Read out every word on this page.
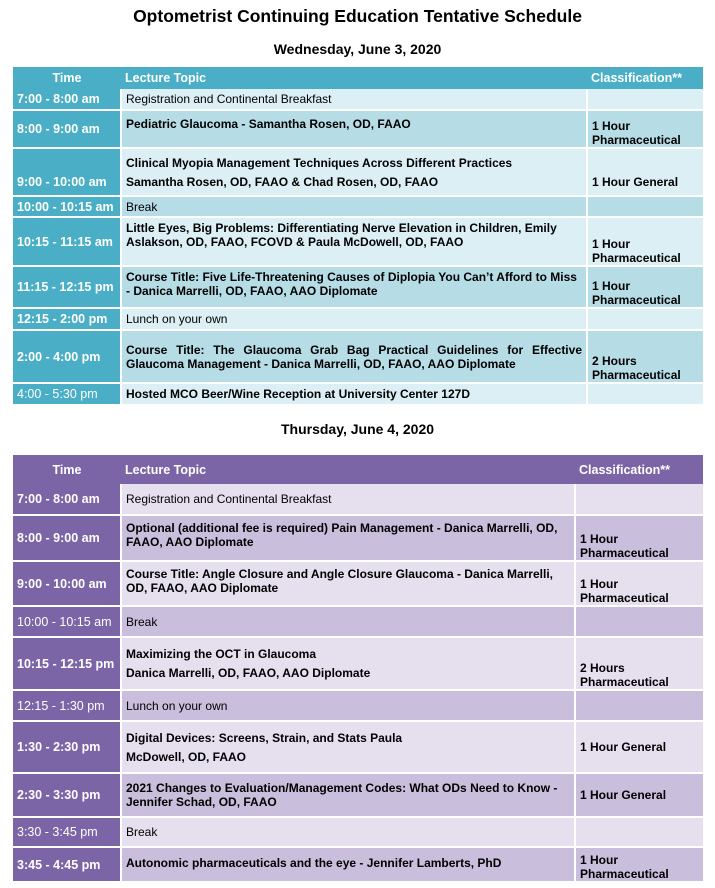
Optometrist Continuing Education Tentative Schedule
Wednesday, June 3, 2020
Time	Lecture Topic	Classification**
7:00 - 8:00 am	Registration and Continental Breakfast	
8:00 - 9:00 am	Pediatric Glaucoma - Samantha Rosen, OD, FAAO	1 Hour Pharmaceutical
9:00 - 10:00 am	Clinical Myopia Management Techniques Across Different Practices
Samantha Rosen, OD, FAAO & Chad Rosen, OD, FAAO	1 Hour General
10:00 - 10:15 am	Break	
10:15 - 11:15 am	Little Eyes, Big Problems: Differentiating Nerve Elevation in Children, Emily Aslakson, OD, FAAO, FCOVD & Paula McDowell, OD, FAAO	1 Hour Pharmaceutical
11:15 - 12:15 pm	Course Title: Five Life-Threatening Causes of Diplopia You Can’t Afford to Miss - Danica Marrelli, OD, FAAO, AAO Diplomate	1 Hour Pharmaceutical
12:15 - 2:00 pm	Lunch on your own	
2:00 - 4:00 pm	Course Title: The Glaucoma Grab Bag Practical Guidelines for Effective Glaucoma Management - Danica Marrelli, OD, FAAO, AAO Diplomate	2 Hours Pharmaceutical
4:00 - 5:30 pm	Hosted MCO Beer/Wine Reception at University Center 127D	
Thursday, June 4, 2020
Time	Lecture Topic	Classification**
7:00 - 8:00 am	Registration and Continental Breakfast	
8:00 - 9:00 am	Optional (additional fee is required) Pain Management - Danica Marrelli, OD, FAAO, AAO Diplomate	1 Hour Pharmaceutical
9:00 - 10:00 am	Course Title: Angle Closure and Angle Closure Glaucoma - Danica Marrelli, OD, FAAO, AAO Diplomate	1 Hour Pharmaceutical
10:00 - 10:15 am	Break	
10:15 - 12:15 pm	Maximizing the OCT in Glaucoma
Danica Marrelli, OD, FAAO, AAO Diplomate	2 Hours Pharmaceutical
12:15 - 1:30 pm	Lunch on your own	
1:30 - 2:30 pm	Digital Devices: Screens, Strain, and Stats Paula
McDowell, OD, FAAO	1 Hour General
2:30 - 3:30 pm	2021 Changes to Evaluation/Management Codes: What ODs Need to Know - Jennifer Schad, OD, FAAO	1 Hour General
3:30 - 3:45 pm	Break	
3:45 - 4:45 pm	Autonomic pharmaceuticals and the eye - Jennifer Lamberts, PhD	1 Hour Pharmaceutical
